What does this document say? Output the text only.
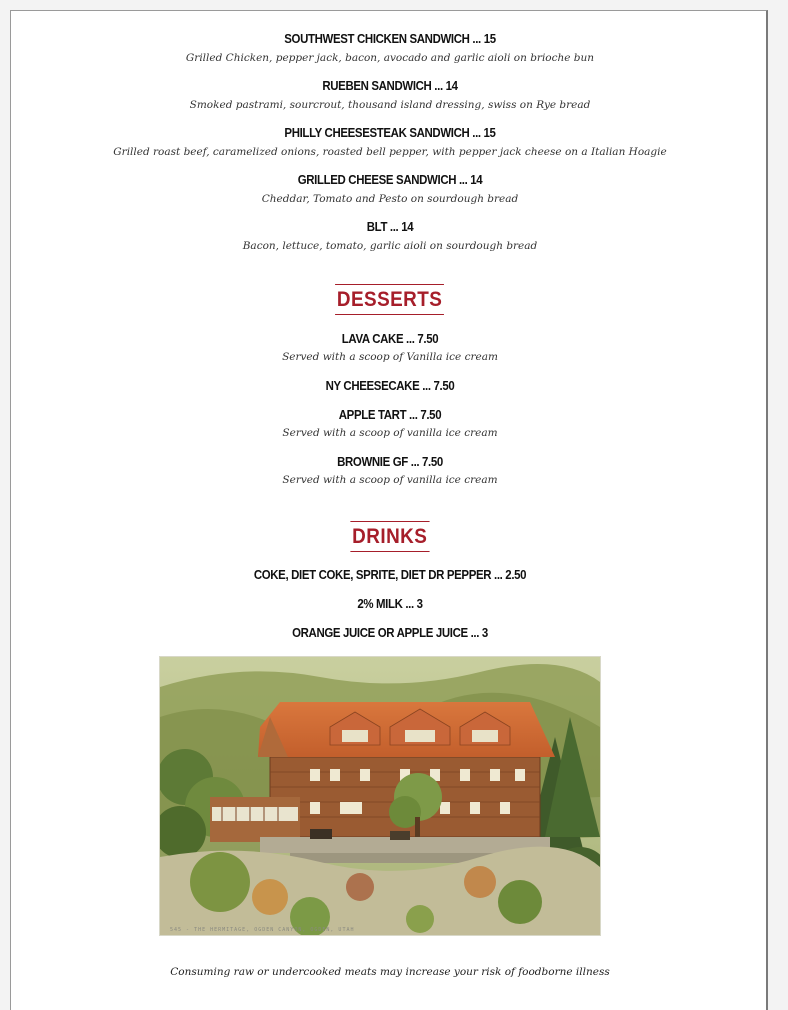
SOUTHWEST CHICKEN SANDWICH ... 15
Grilled Chicken, pepper jack, bacon, avocado and garlic aioli on brioche bun
RUEBEN SANDWICH ... 14
Smoked pastrami, sourcrout, thousand island dressing, swiss on Rye bread
PHILLY CHEESESTEAK SANDWICH ... 15
Grilled roast beef, caramelized onions, roasted bell pepper, with pepper jack cheese on a Italian Hoagie
GRILLED CHEESE SANDWICH ... 14
Cheddar, Tomato and Pesto on sourdough bread
BLT ... 14
Bacon, lettuce, tomato, garlic aioli on sourdough bread
DESSERTS
LAVA CAKE ... 7.50
Served with a scoop of Vanilla ice cream
NY CHEESECAKE ... 7.50
APPLE TART ... 7.50
Served with a scoop of vanilla ice cream
BROWNIE GF ... 7.50
Served with a scoop of vanilla ice cream
DRINKS
COKE, DIET COKE, SPRITE, DIET DR PEPPER ... 2.50
2% MILK ... 3
ORANGE JUICE OR APPLE JUICE ... 3
545 - THE HERMITAGE, OGDEN CANYON, OGDEN, UTAH
Consuming raw or undercooked meats may increase your risk of foodborne illness
